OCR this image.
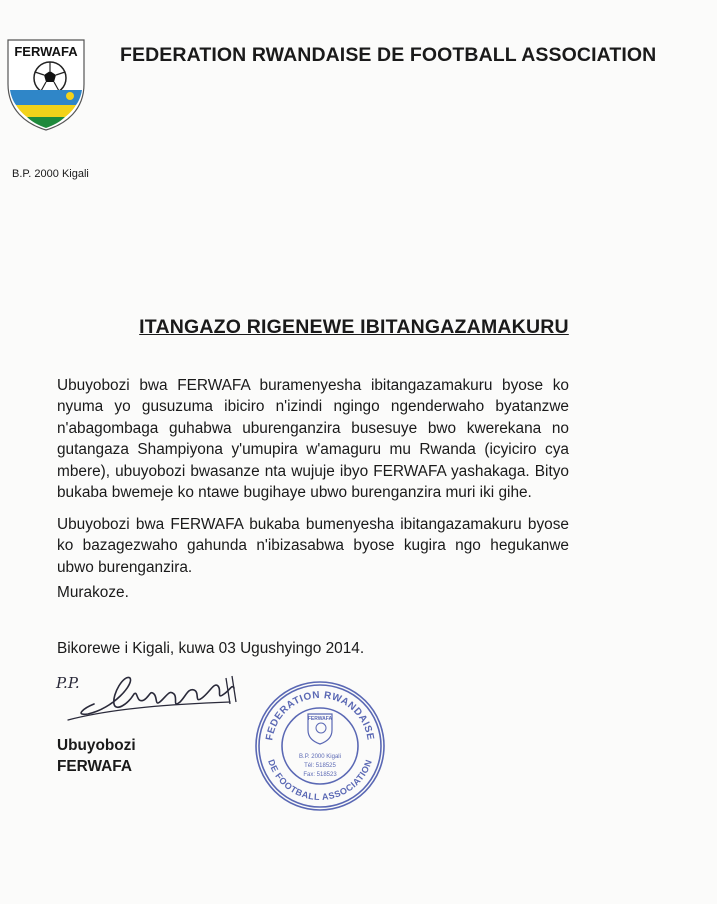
FERWAFA FEDERATION RWANDAISE DE FOOTBALL ASSOCIATION
B.P. 2000 Kigali
ITANGAZO RIGENEWE IBITANGAZAMAKURU
Ubuyobozi bwa FERWAFA buramenyesha ibitangazamakuru byose ko nyuma yo gusuzuma ibiciro n'izindi ngingo ngenderwaho byatanzwe n'abagombaga guhabwa uburenganzira busesuye bwo kwerekana no gutangaza Shampiyona y'umupira w'amaguru mu Rwanda (icyiciro cya mbere), ubuyobozi bwasanze nta wujuje ibyo FERWAFA yashakaga. Bityo bukaba bwemeje ko ntawe bugihaye ubwo burenganzira muri iki gihe.
Ubuyobozi bwa FERWAFA bukaba bumenyesha ibitangazamakuru byose ko bazagezwaho gahunda n'ibizasabwa byose kugira ngo hegukanwe ubwo burenganzira.
Murakoze.
Bikorewe i Kigali, kuwa 03 Ugushyingo 2014.
P.P.
Ubuyobozi
FERWAFA
FEDERATION RWANDAISE
DE FOOTBALL ASSOCIATION
FERWAFA
B.P. 2000 Kigali
Tél: 518525
Fax: 518523
